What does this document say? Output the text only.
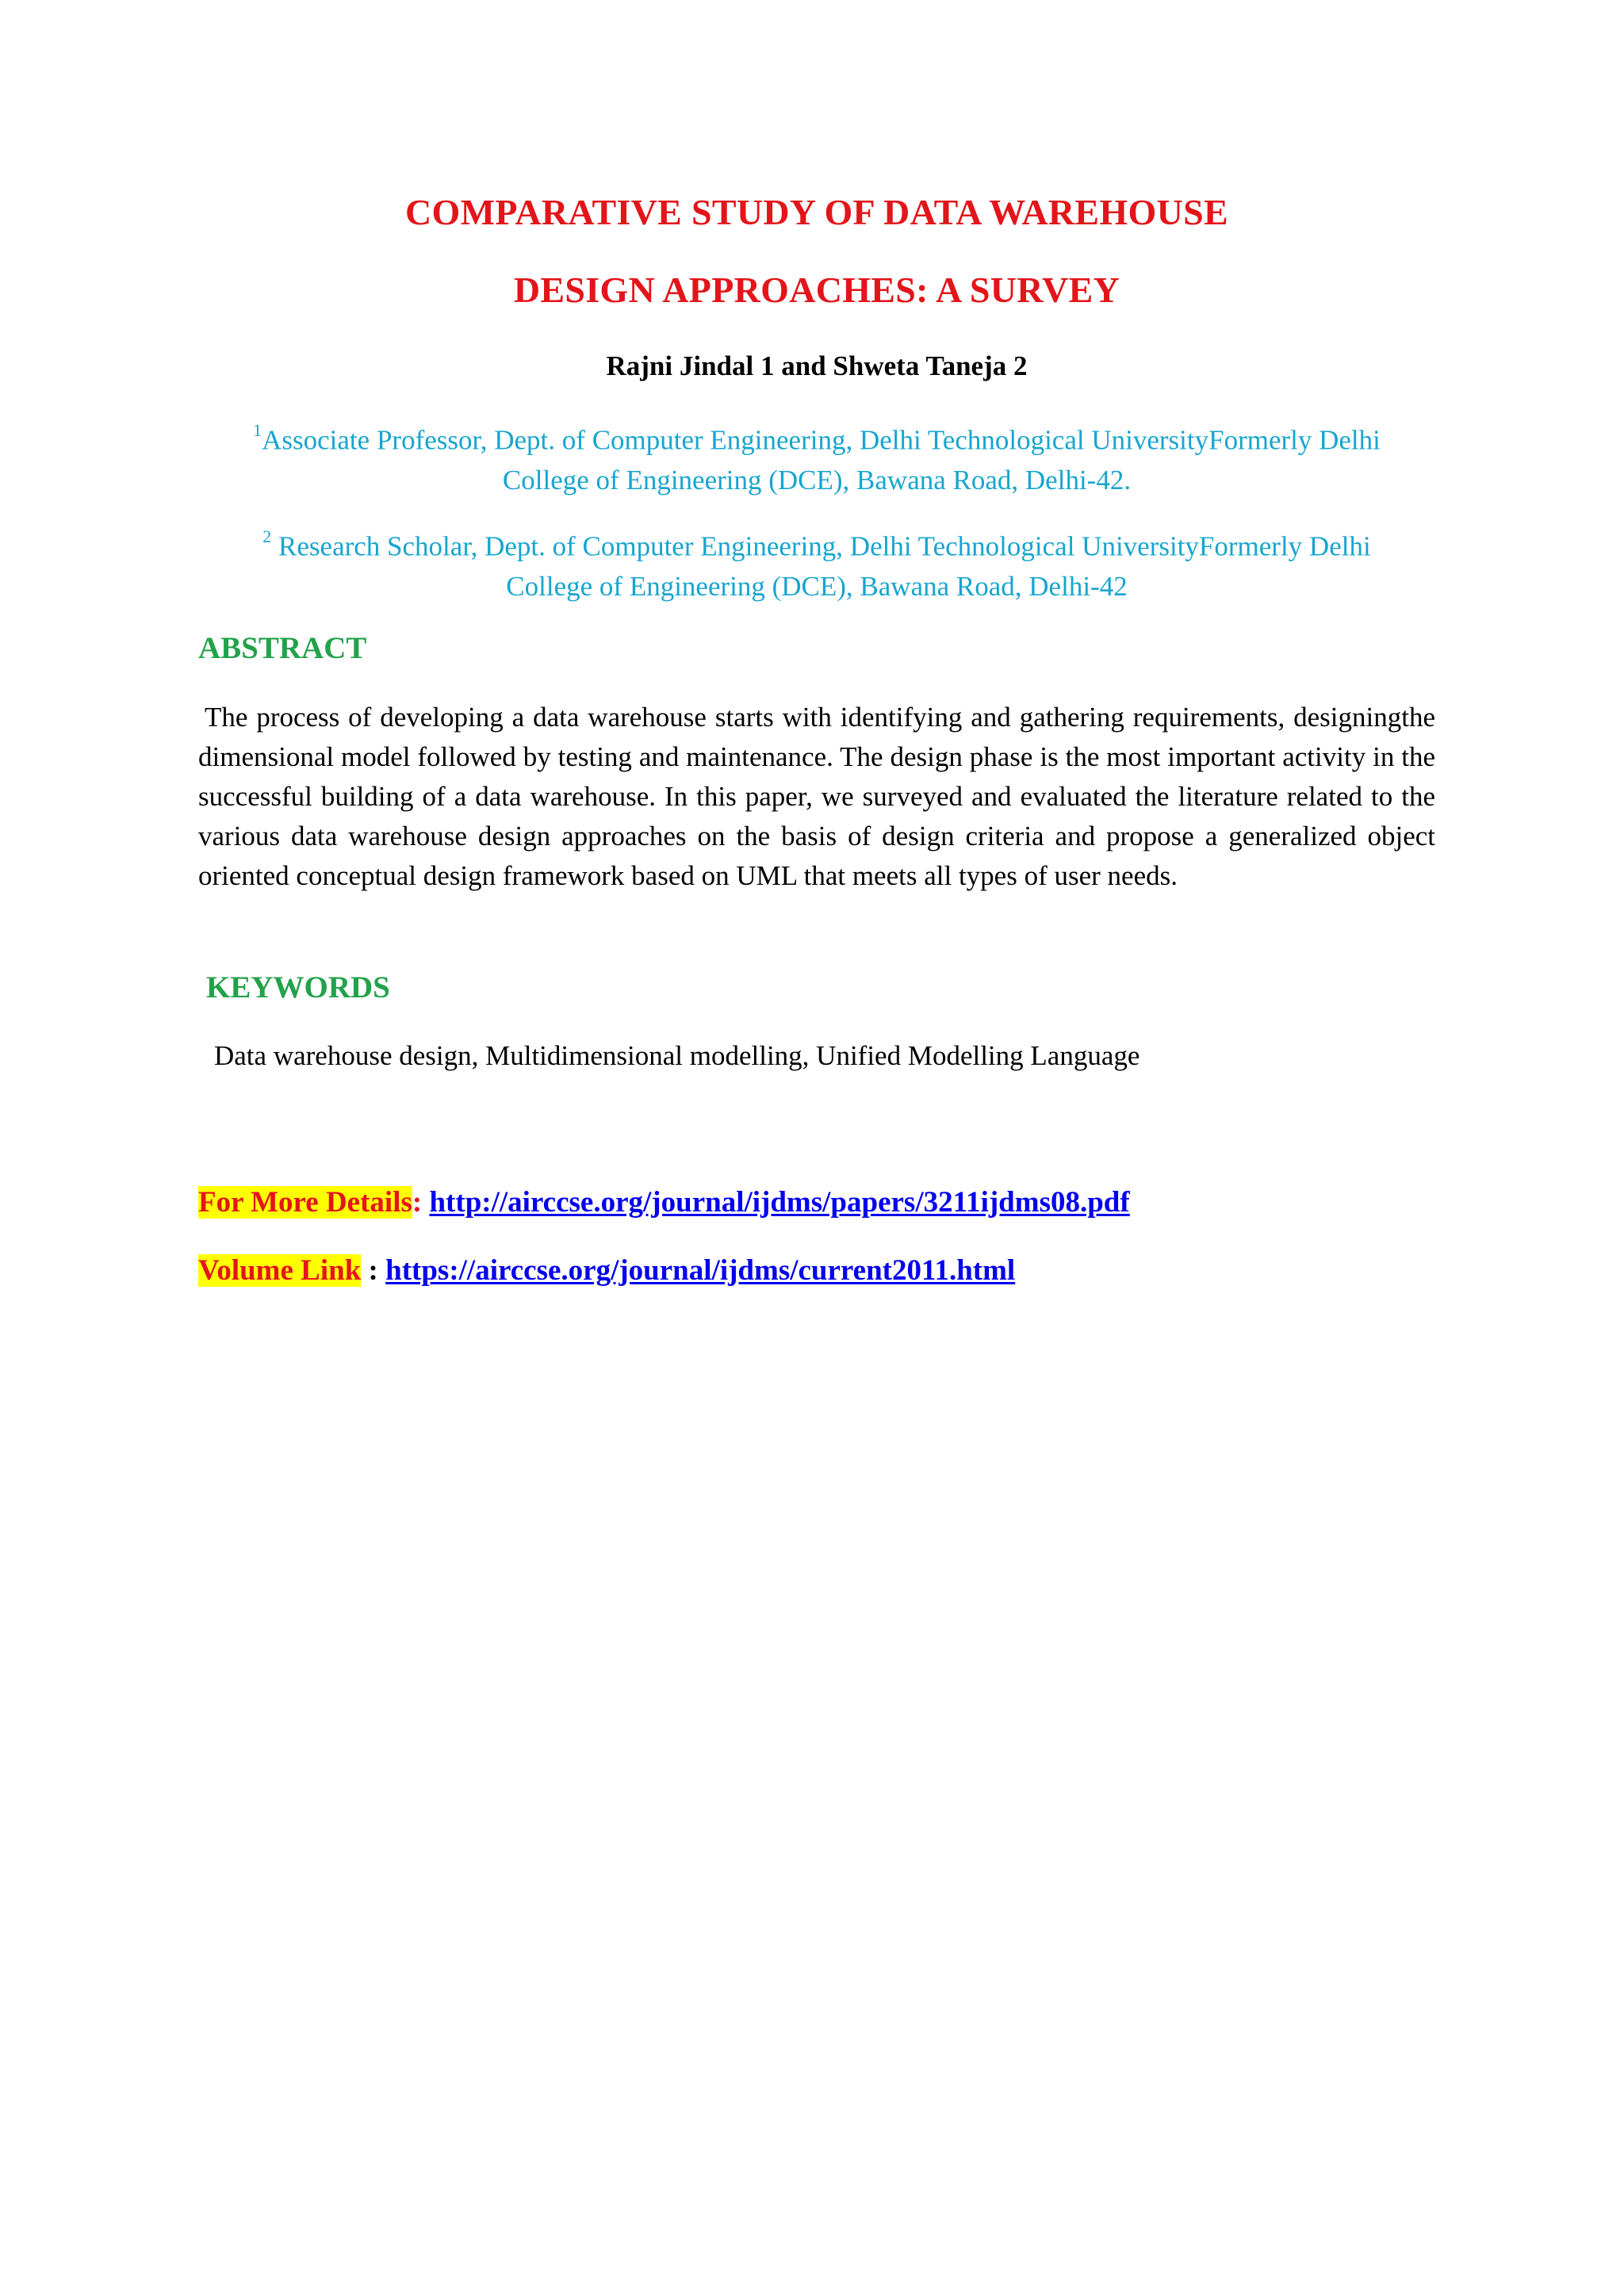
COMPARATIVE STUDY OF DATA WAREHOUSE
DESIGN APPROACHES: A SURVEY
Rajni Jindal 1 and Shweta Taneja 2
$^1$Associate Professor, Dept. of Computer Engineering, Delhi Technological UniversityFormerly Delhi
College of Engineering (DCE), Bawana Road, Delhi-42.
$^2$ Research Scholar, Dept. of Computer Engineering, Delhi Technological UniversityFormerly Delhi
College of Engineering (DCE), Bawana Road, Delhi-42
ABSTRACT
The process of developing a data warehouse starts with identifying and gathering requirements, designingthe dimensional model followed by testing and maintenance. The design phase is the most important activity in the successful building of a data warehouse. In this paper, we surveyed and evaluated the literature related to the various data warehouse design approaches on the basis of design criteria and propose a generalized object oriented conceptual design framework based on UML that meets all types of user needs.
KEYWORDS
Data warehouse design, Multidimensional modelling, Unified Modelling Language
For More Details: http://airccse.org/journal/ijdms/papers/3211ijdms08.pdf
Volume Link : https://airccse.org/journal/ijdms/current2011.html
